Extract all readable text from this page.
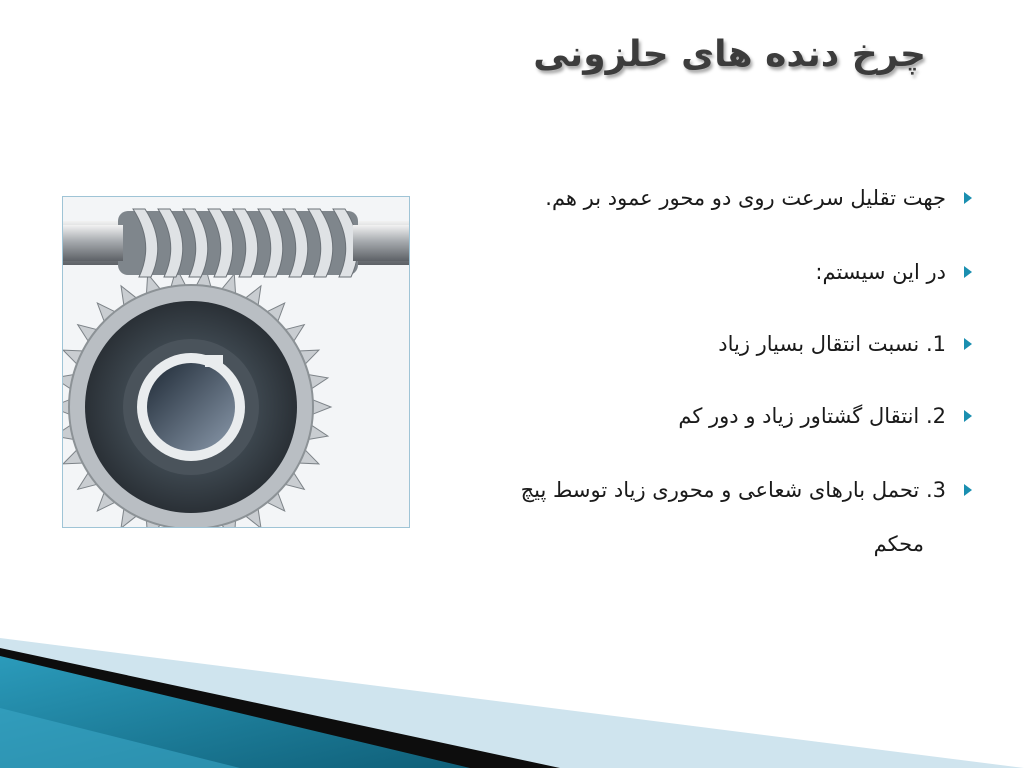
چرخ دنده های حلزونی
جهت تقلیل سرعت روی دو محور عمود بر هم.
در این سیستم:
1. نسبت انتقال بسیار زیاد
2. انتقال گشتاور زیاد و دور کم
3. تحمل بارهای شعاعی و محوری زیاد توسط پیچ
محکم
